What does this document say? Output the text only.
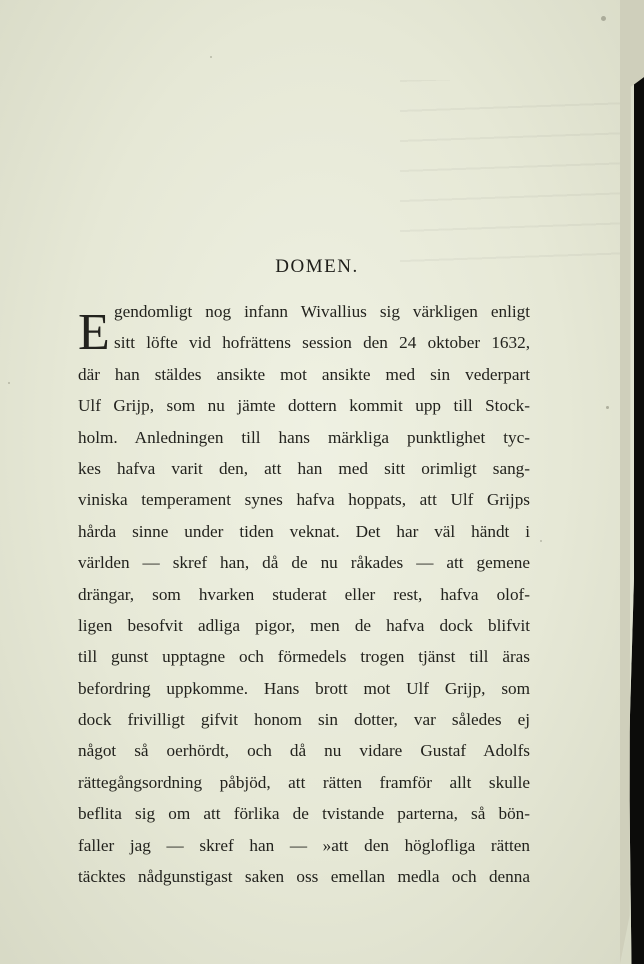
DOMEN.
E gendomligt nog infann Wivallius sig värkligen enligt
sitt löfte vid hofrättens session den 24 oktober 1632,
där han stäldes ansikte mot ansikte med sin vederpart
Ulf Grijp, som nu jämte dottern kommit upp till Stock-
holm. Anledningen till hans märkliga punktlighet tyc-
kes hafva varit den, att han med sitt orimligt sang-
viniska temperament synes hafva hoppats, att Ulf Grijps
hårda sinne under tiden veknat. Det har väl händt i
världen — skref han, då de nu råkades — att gemene
drängar, som hvarken studerat eller rest, hafva olof-
ligen besofvit adliga pigor, men de hafva dock blifvit
till gunst upptagne och förmedels trogen tjänst till äras
befordring uppkomme. Hans brott mot Ulf Grijp, som
dock frivilligt gifvit honom sin dotter, var således ej
något så oerhördt, och då nu vidare Gustaf Adolfs
rättegångsordning påbjöd, att rätten framför allt skulle
beflita sig om att förlika de tvistande parterna, så bön-
faller jag — skref han — »att den höglofliga rätten
täcktes nådgunstigast saken oss emellan medla och denna
